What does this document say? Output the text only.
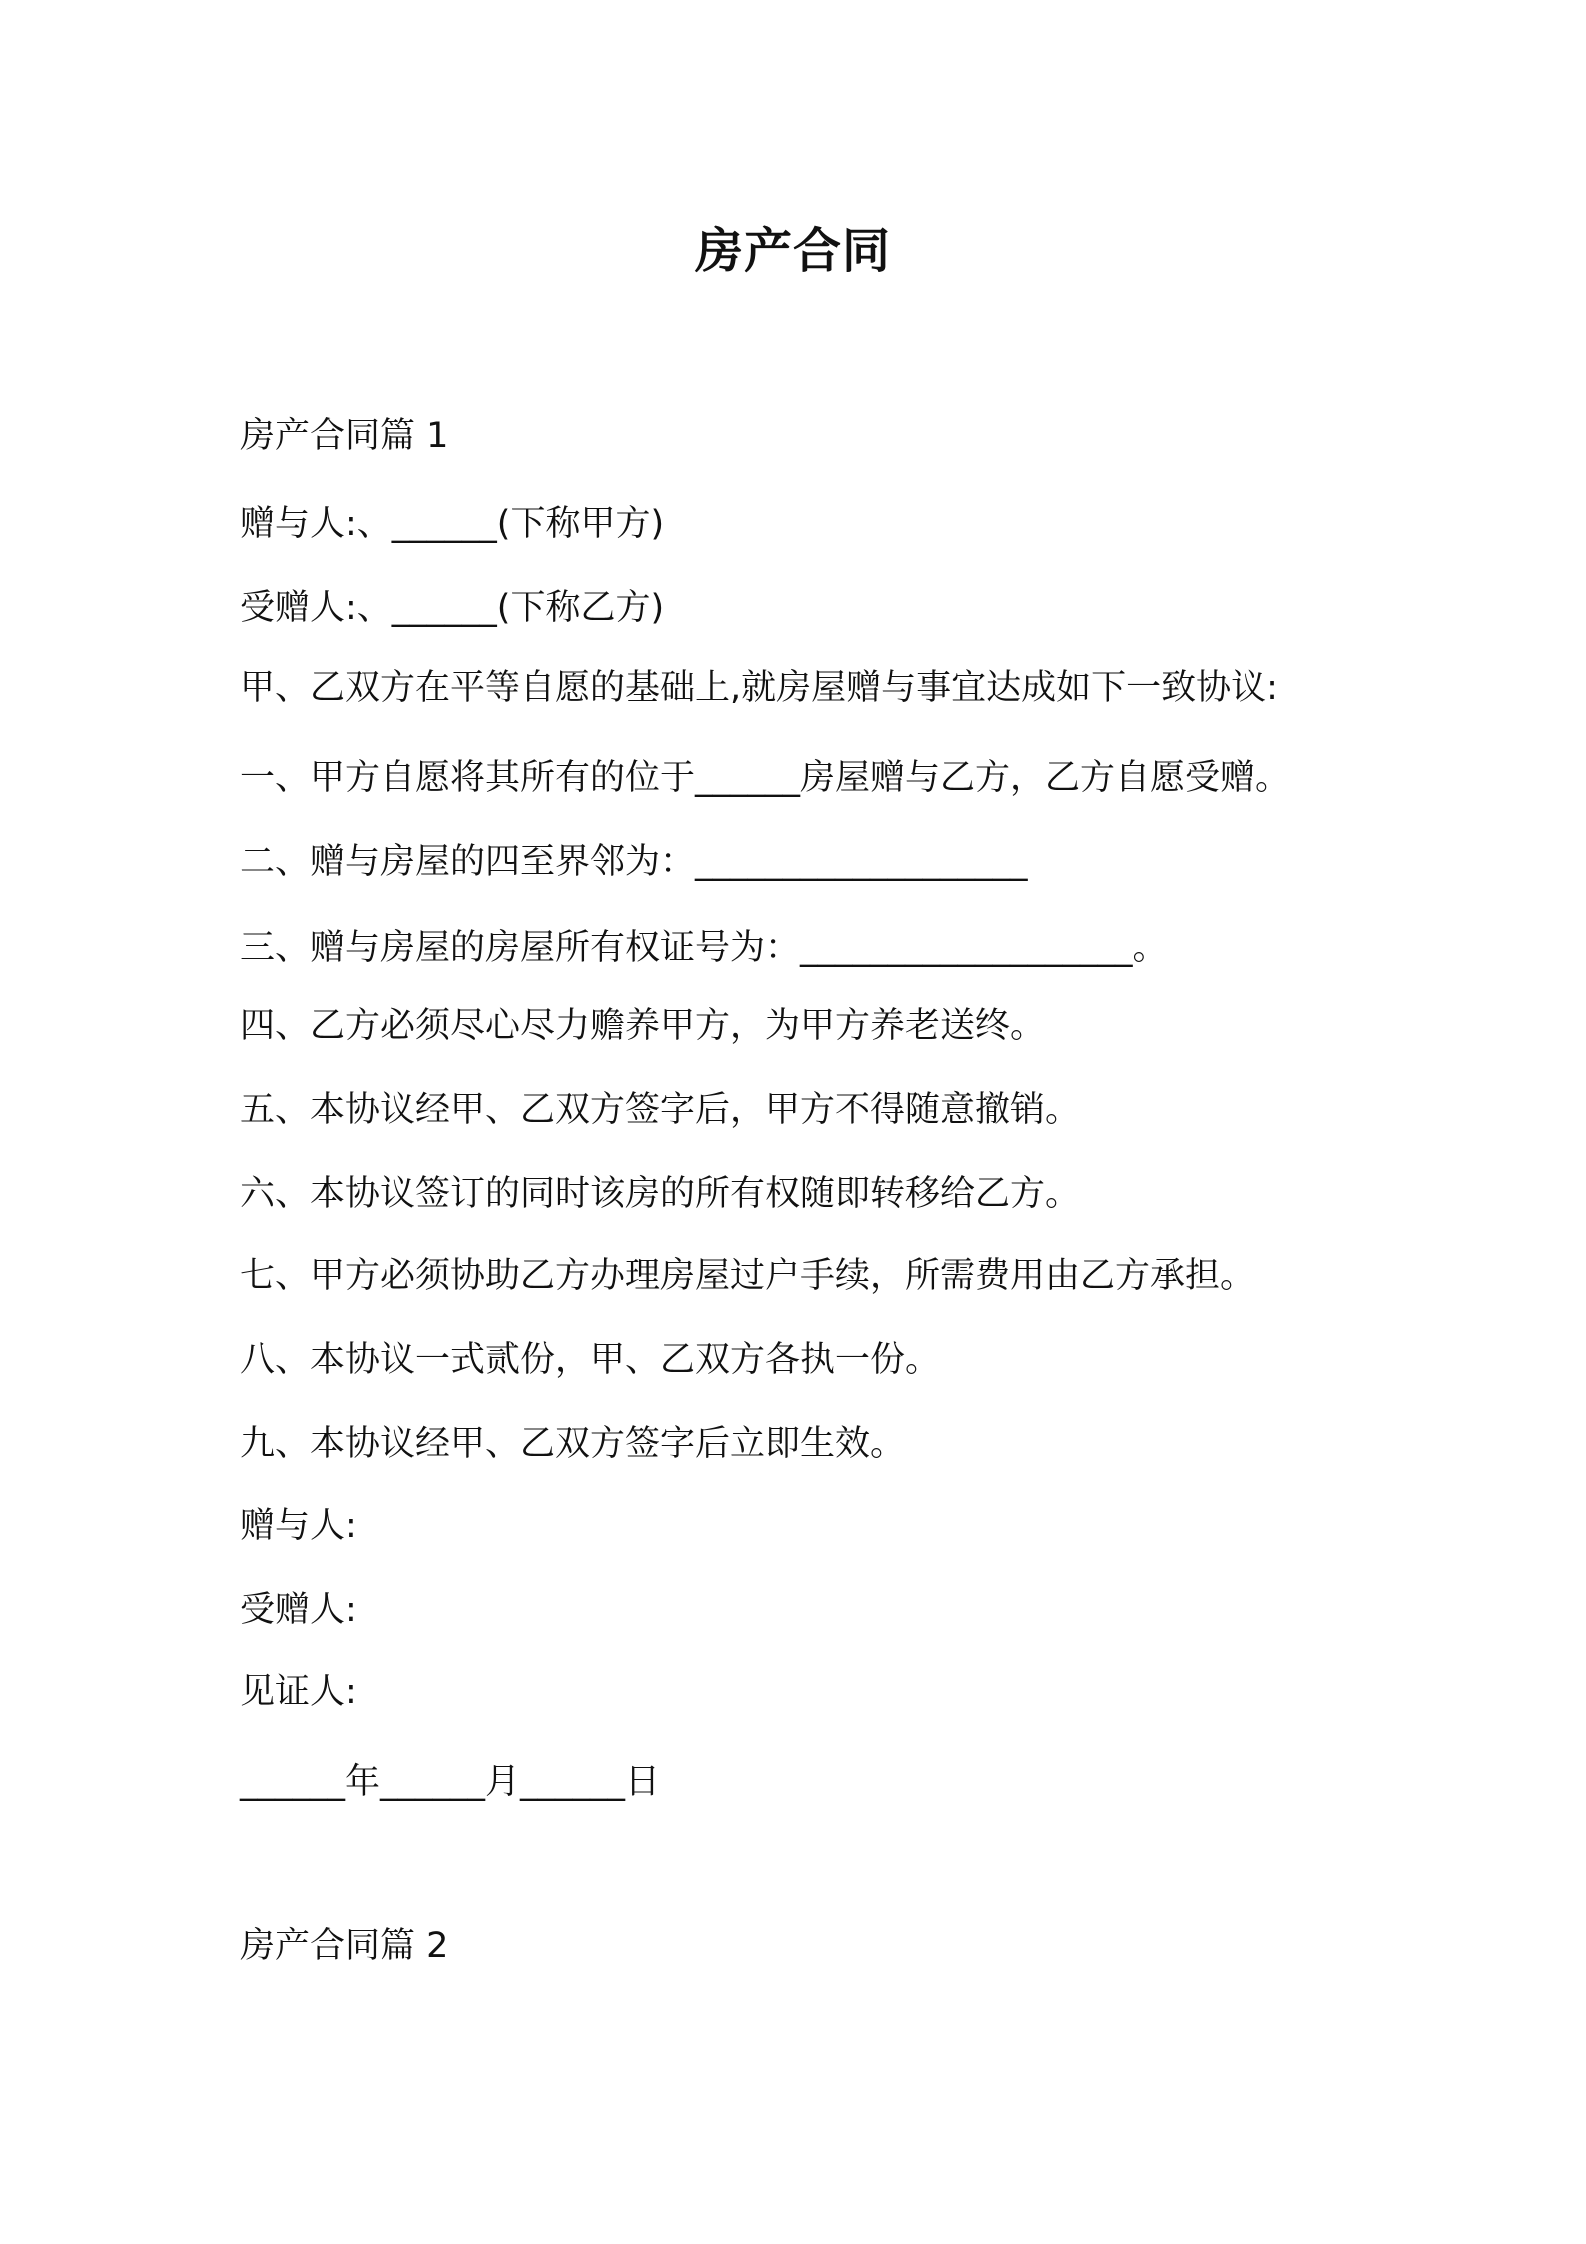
房产合同
房产合同篇 1
赠与人:、______(下称甲方)
受赠人:、______(下称乙方)
甲、乙双方在平等自愿的基础上,就房屋赠与事宜达成如下一致协议:
一、甲方自愿将其所有的位于______房屋赠与乙方，乙方自愿受赠。
二、赠与房屋的四至界邻为：___________________
三、赠与房屋的房屋所有权证号为：___________________。
四、乙方必须尽心尽力赡养甲方，为甲方养老送终。
五、本协议经甲、乙双方签字后，甲方不得随意撤销。
六、本协议签订的同时该房的所有权随即转移给乙方。
七、甲方必须协助乙方办理房屋过户手续，所需费用由乙方承担。
八、本协议一式贰份，甲、乙双方各执一份。
九、本协议经甲、乙双方签字后立即生效。
赠与人:
受赠人:
见证人:
______年______月______日
房产合同篇 2
